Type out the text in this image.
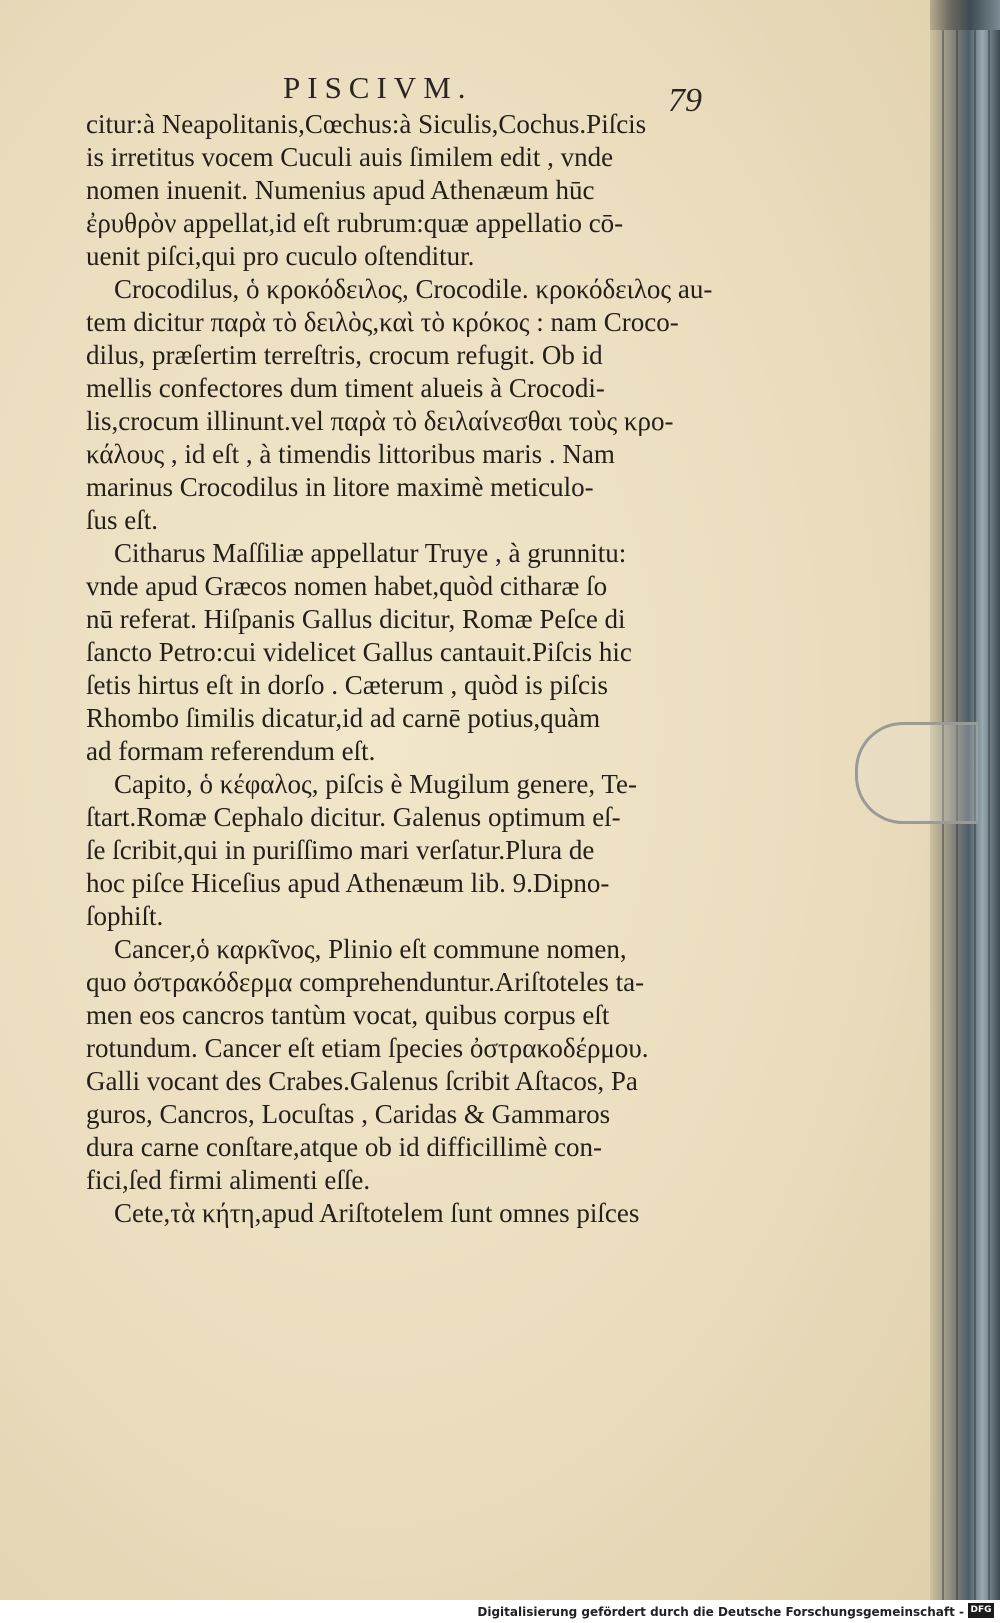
PISCIVM.	79
citur:à Neapolitanis,Cœchus:à Siculis,Cochus.Piſcis
is irretitus vocem Cuculi auis ſimilem edit , vnde
nomen inuenit. Numenius apud Athenæum hūc
ἐρυθρὸν appellat,id eſt rubrum:quæ appellatio cō-
uenit piſci,qui pro cuculo oſtenditur.
Crocodilus, ὁ κροκόδειλος, Crocodile. κροκόδειλος au-
tem dicitur παρὰ τὸ δειλὸς,καὶ τὸ κρόκος : nam Croco-
dilus, præſertim terreſtris, crocum refugit. Ob id
mellis confectores dum timent alueis à Crocodi-
lis,crocum illinunt.vel παρὰ τὸ δειλαίνεσθαι τοὺς κρο-
κάλους , id eſt , à timendis littoribus maris . Nam
marinus Crocodilus in litore maximè meticulo-
ſus eſt.
Citharus Maſſiliæ appellatur Truye , à grunnitu:
vnde apud Græcos nomen habet,quòd citharæ ſo
nū referat. Hiſpanis Gallus dicitur, Romæ Peſce di
ſancto Petro:cui videlicet Gallus cantauit.Piſcis hic
ſetis hirtus eſt in dorſo . Cæterum , quòd is piſcis
Rhombo ſimilis dicatur,id ad carnē potius,quàm
ad formam referendum eſt.
Capito, ὁ κέφαλος, piſcis è Mugilum genere, Te-
ſtart.Romæ Cephalo dicitur. Galenus optimum eſ-
ſe ſcribit,qui in puriſſimo mari verſatur.Plura de
hoc piſce Hiceſius apud Athenæum lib. 9.Dipno-
ſophiſt.
Cancer,ὁ καρκῖνος, Plinio eſt commune nomen,
quo ὀστρακόδερμα comprehenduntur.Ariſtoteles ta-
men eos cancros tantùm vocat, quibus corpus eſt
rotundum. Cancer eſt etiam ſpecies ὀστρακοδέρμου.
Galli vocant des Crabes.Galenus ſcribit Aſtacos, Pa
guros, Cancros, Locuſtas , Caridas & Gammaros
dura carne conſtare,atque ob id difficillimè con-
fici,ſed firmi alimenti eſſe.
Cete,τὰ κήτη,apud Ariſtotelem ſunt omnes piſces
Digitalisierung gefördert durch die Deutsche Forschungsgemeinschaft - DFG
